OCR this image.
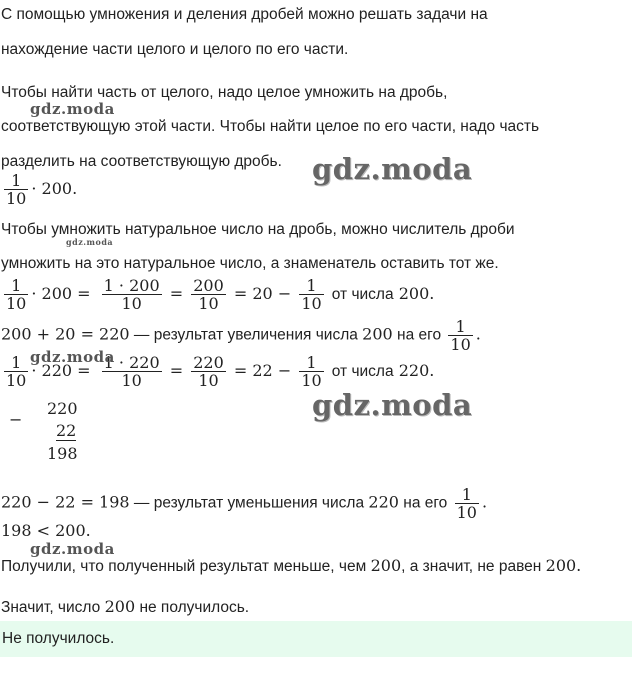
С помощью умножения и деления дробей можно решать задачи на
нахождение части целого и целого по его части.
Чтобы найти часть от целого, надо целое умножить на дробь,
соответствующую этой части. Чтобы найти целое по его части, надо часть
разделить на соответствующую дробь.
$\frac{1}{10} \cdot 200$.
Чтобы умножить натуральное число на дробь, можно числитель дроби
умножить на это натуральное число, а знаменатель оставить тот же.
$\frac{1}{10} \cdot 200 = \frac{1 \cdot 200}{10} = \frac{200}{10} = 20 - \frac{1}{10}$ от числа 200.
200 + 20 = 220 — результат увеличения числа 200 на его $\frac{1}{10}$ .
$\frac{1}{10} \cdot 220 = \frac{1 \cdot 220}{10} = \frac{220}{10} = 22 - \frac{1}{10}$ от числа 220.
−
220
22
198
220 − 22 = 198 — результат уменьшения числа 220 на его $\frac{1}{10}$ .
198 < 200.
Получили, что полученный результат меньше, чем 200, а значит, не равен 200.
Значит, число 200 не получилось.
Не получилось.
gdz.moda
gdz.moda
gdz.moda
gdz.moda
gdz.moda
gdz.moda
